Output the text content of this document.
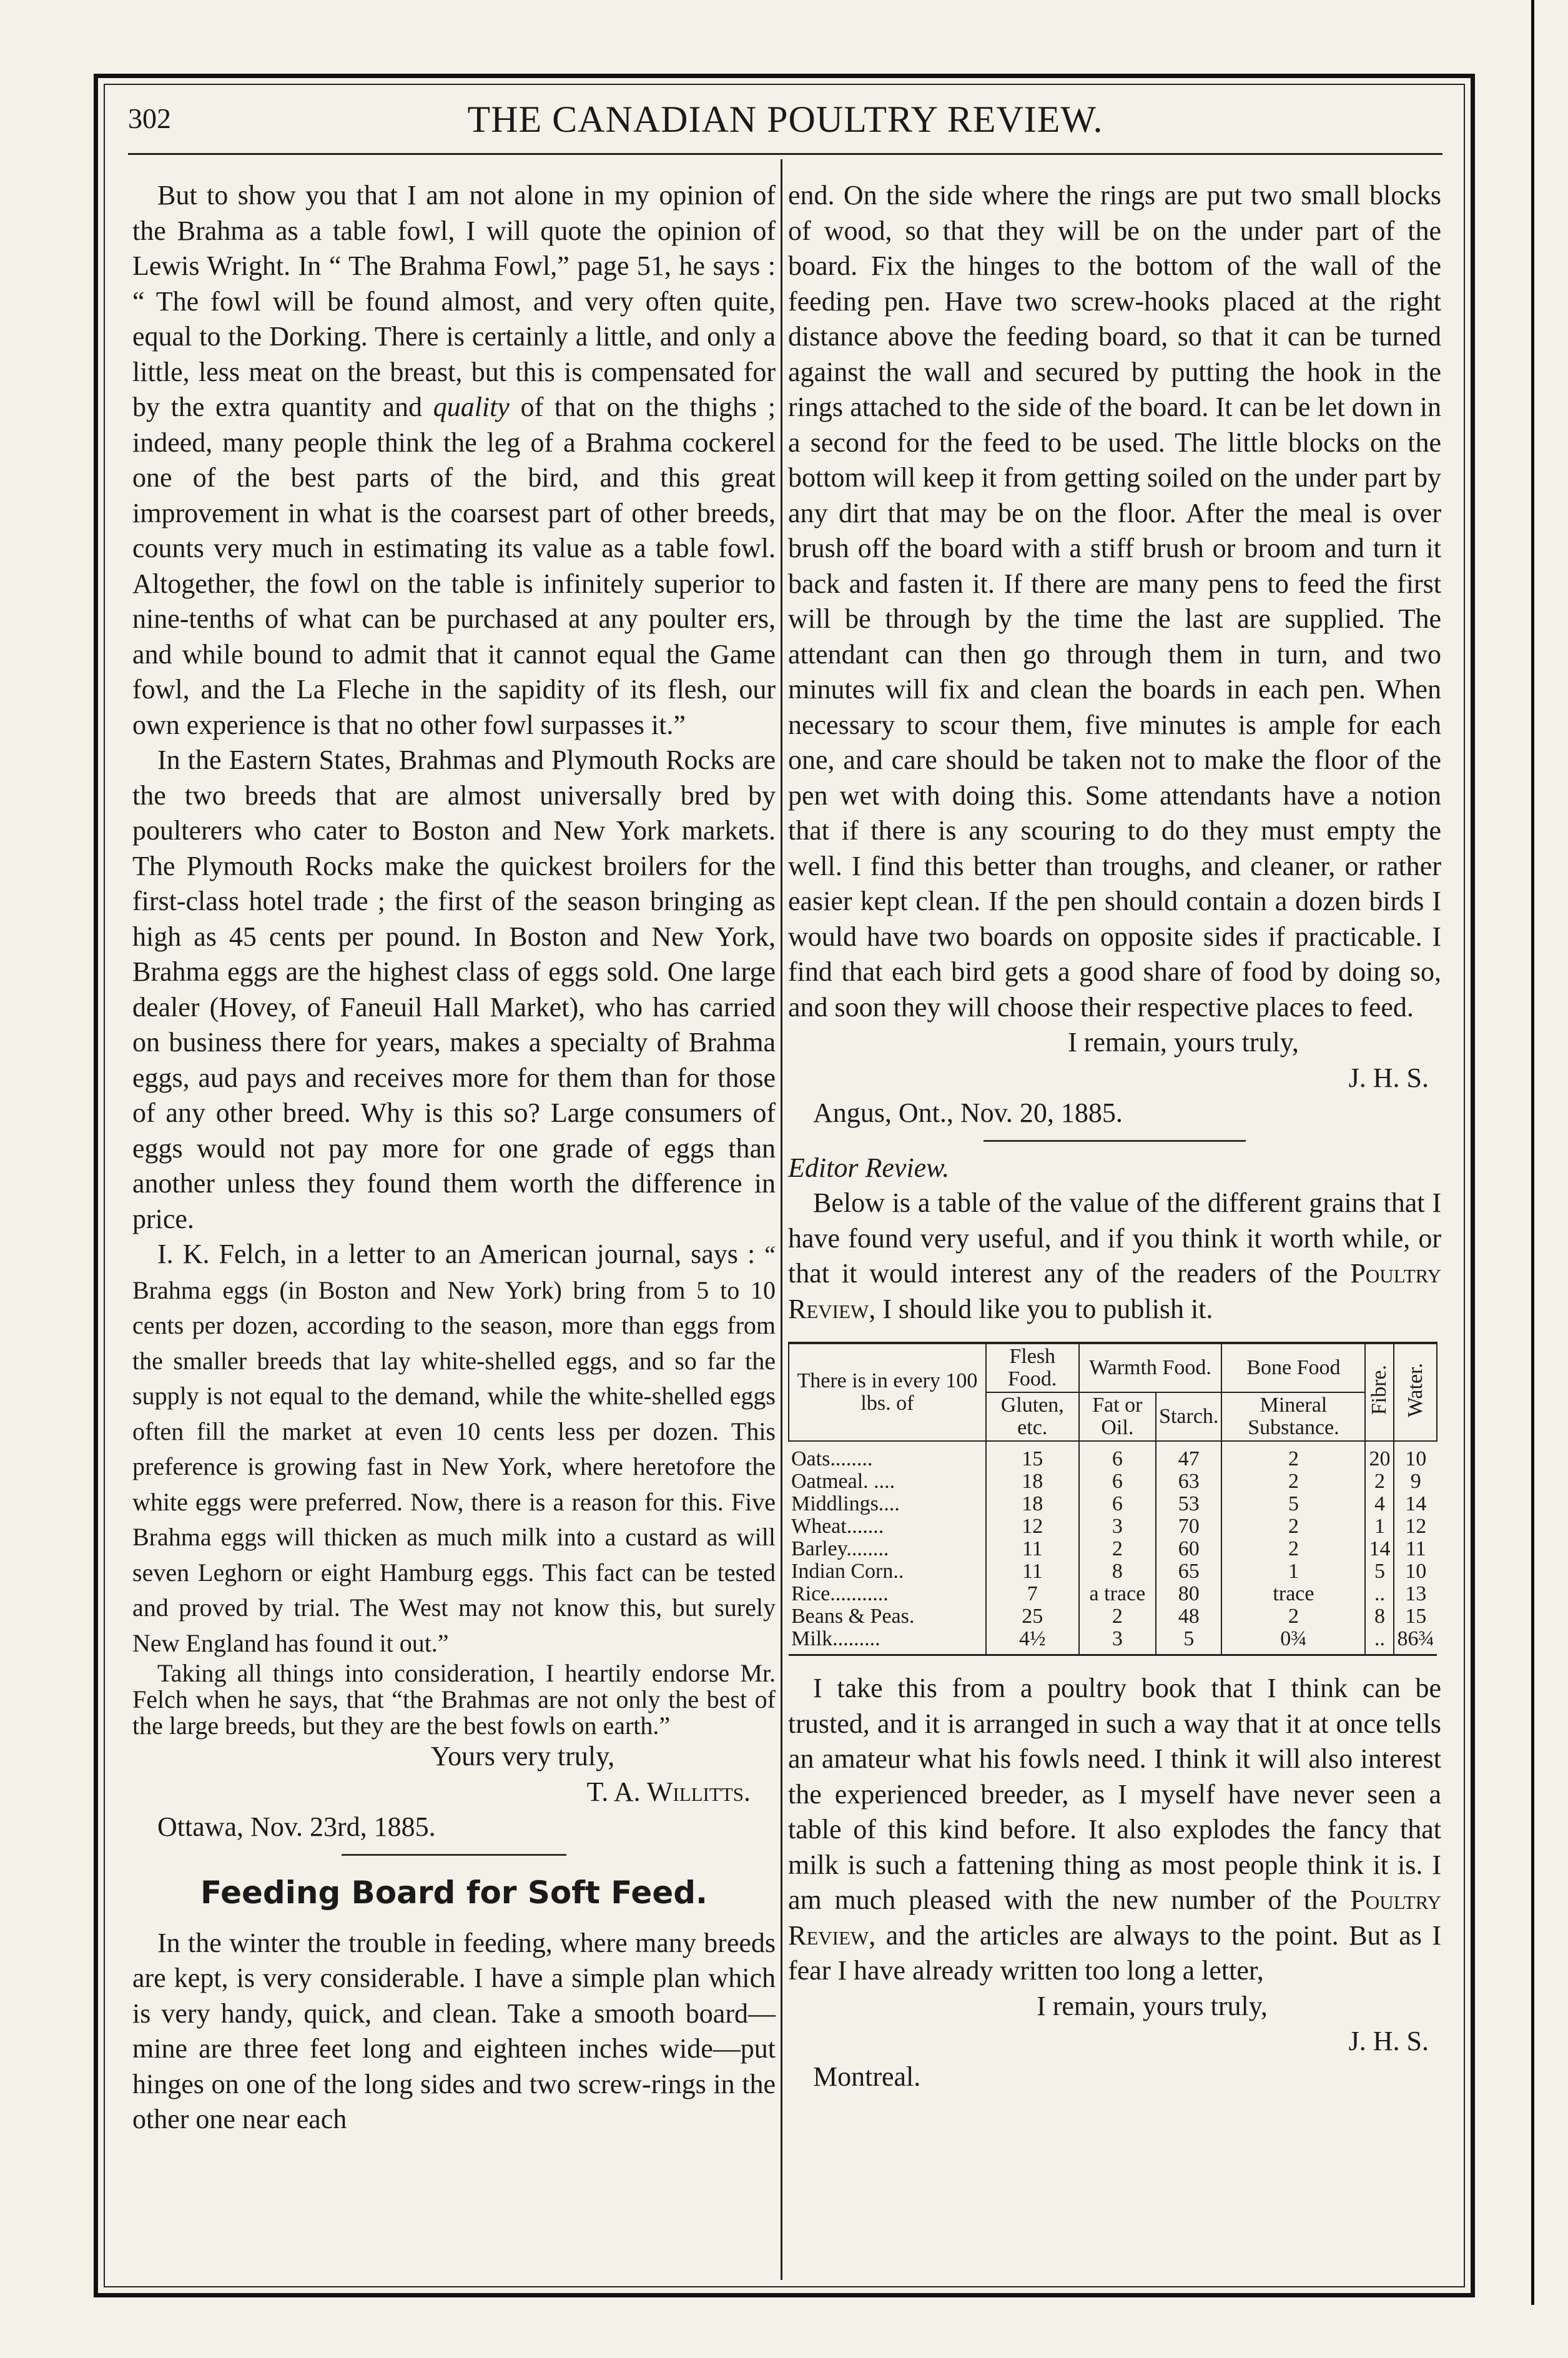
302	THE CANADIAN POULTRY REVIEW.

But to show you that I am not alone in my opinion of the Brahma as a table fowl, I will quote the opinion of Lewis Wright. In “ The Brahma Fowl,” page 51, he says : “ The fowl will be found almost, and very often quite, equal to the Dorking. There is certainly a little, and only a little, less meat on the breast, but this is compensated for by the extra quantity and quality of that on the thighs ; indeed, many people think the leg of a Brahma cockerel one of the best parts of the bird, and this great improvement in what is the coarsest part of other breeds, counts very much in estimating its value as a table fowl. Altogether, the fowl on the table is infinitely superior to nine-tenths of what can be purchased at any poulter ers, and while bound to admit that it cannot equal the Game fowl, and the La Fleche in the sapidity of its flesh, our own experience is that no other fowl surpasses it.”

In the Eastern States, Brahmas and Plymouth Rocks are the two breeds that are almost universally bred by poulterers who cater to Boston and New York markets. The Plymouth Rocks make the quickest broilers for the first-class hotel trade ; the first of the season bringing as high as 45 cents per pound. In Boston and New York, Brahma eggs are the highest class of eggs sold. One large dealer (Hovey, of Faneuil Hall Market), who has carried on business there for years, makes a specialty of Brahma eggs, aud pays and receives more for them than for those of any other breed. Why is this so? Large consumers of eggs would not pay more for one grade of eggs than another unless they found them worth the difference in price.

I. K. Felch, in a letter to an American journal, says : “ Brahma eggs (in Boston and New York) bring from 5 to 10 cents per dozen, according to the season, more than eggs from the smaller breeds that lay white-shelled eggs, and so far the supply is not equal to the demand, while the white-shelled eggs often fill the market at even 10 cents less per dozen. This preference is growing fast in New York, where heretofore the white eggs were preferred. Now, there is a reason for this. Five Brahma eggs will thicken as much milk into a custard as will seven Leghorn or eight Hamburg eggs. This fact can be tested and proved by trial. The West may not know this, but surely New England has found it out.”

Taking all things into consideration, I heartily endorse Mr. Felch when he says, that “the Brahmas are not only the best of the large breeds, but they are the best fowls on earth.”

Yours very truly,
T. A. Willitts.
Ottawa, Nov. 23rd, 1885.
Feeding Board for Soft Feed.

In the winter the trouble in feeding, where many breeds are kept, is very considerable. I have a simple plan which is very handy, quick, and clean. Take a smooth board—mine are three feet long and eighteen inches wide—put hinges on one of the long sides and two screw-rings in the other one near each

end. On the side where the rings are put two small blocks of wood, so that they will be on the under part of the board. Fix the hinges to the bottom of the wall of the feeding pen. Have two screw-hooks placed at the right distance above the feeding board, so that it can be turned against the wall and secured by putting the hook in the rings attached to the side of the board. It can be let down in a second for the feed to be used. The little blocks on the bottom will keep it from getting soiled on the under part by any dirt that may be on the floor. After the meal is over brush off the board with a stiff brush or broom and turn it back and fasten it. If there are many pens to feed the first will be through by the time the last are supplied. The attendant can then go through them in turn, and two minutes will fix and clean the boards in each pen. When necessary to scour them, five minutes is ample for each one, and care should be taken not to make the floor of the pen wet with doing this. Some attendants have a notion that if there is any scouring to do they must empty the well. I find this better than troughs, and cleaner, or rather easier kept clean. If the pen should contain a dozen birds I would have two boards on opposite sides if practicable. I find that each bird gets a good share of food by doing so, and soon they will choose their respective places to feed.

I remain, yours truly,
J. H. S.
Angus, Ont., Nov. 20, 1885.
Editor Review.

Below is a table of the value of the different grains that I have found very useful, and if you think it worth while, or that it would interest any of the readers of the Poultry Review, I should like you to publish it.

There is in every 100 lbs. of	Flesh Food.	Warmth Food.		Bone Food	Fibre.	Water.
	Gluten, etc.	Fat or Oil.	Starch.	Mineral Substance.		
Oats........	15	6	47	2	20	10
Oatmeal. ....	18	6	63	2	2	9
Middlings....	18	6	53	5	4	14
Wheat.......	12	3	70	2	1	12
Barley........	11	2	60	2	14	11
Indian Corn..	11	8	65	1	5	10
Rice...........	7	a trace	80	trace	..	13
Beans & Peas.	25	2	48	2	8	15
Milk.........	4½	3	5	0¾	..	86¾

I take this from a poultry book that I think can be trusted, and it is arranged in such a way that it at once tells an amateur what his fowls need. I think it will also interest the experienced breeder, as I myself have never seen a table of this kind before. It also explodes the fancy that milk is such a fattening thing as most people think it is. I am much pleased with the new number of the Poultry Review, and the articles are always to the point. But as I fear I have already written too long a letter,

I remain, yours truly,
J. H. S.
Montreal.
